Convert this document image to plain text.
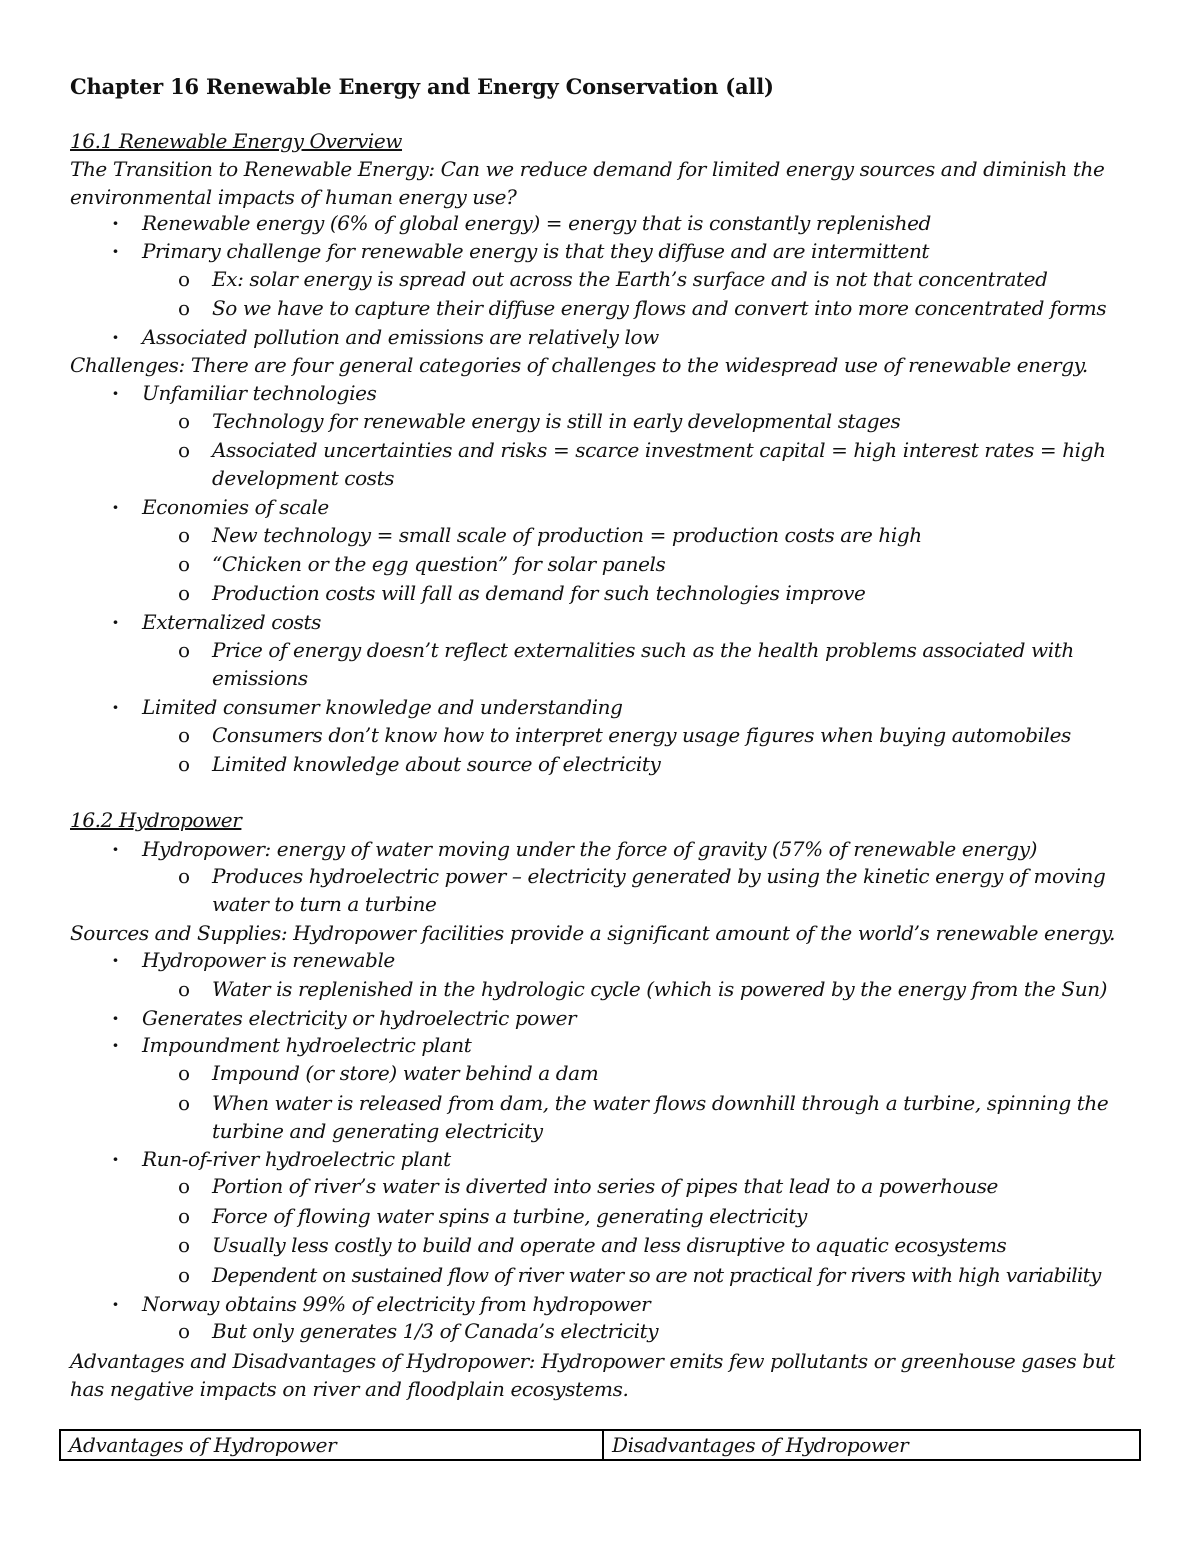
Chapter 16 Renewable Energy and Energy Conservation (all)
16.1 Renewable Energy Overview
The Transition to Renewable Energy: Can we reduce demand for limited energy sources and diminish the
environmental impacts of human energy use?
· Renewable energy (6% of global energy) = energy that is constantly replenished
· Primary challenge for renewable energy is that they diffuse and are intermittent
o Ex: solar energy is spread out across the Earth’s surface and is not that concentrated
o So we have to capture their diffuse energy flows and convert into more concentrated forms
· Associated pollution and emissions are relatively low
Challenges: There are four general categories of challenges to the widespread use of renewable energy.
· Unfamiliar technologies
o Technology for renewable energy is still in early developmental stages
o Associated uncertainties and risks = scarce investment capital = high interest rates = high
development costs
· Economies of scale
o New technology = small scale of production = production costs are high
o “Chicken or the egg question” for solar panels
o Production costs will fall as demand for such technologies improve
· Externalized costs
o Price of energy doesn’t reflect externalities such as the health problems associated with
emissions
· Limited consumer knowledge and understanding
o Consumers don’t know how to interpret energy usage figures when buying automobiles
o Limited knowledge about source of electricity
16.2 Hydropower
· Hydropower: energy of water moving under the force of gravity (57% of renewable energy)
o Produces hydroelectric power – electricity generated by using the kinetic energy of moving
water to turn a turbine
Sources and Supplies: Hydropower facilities provide a significant amount of the world’s renewable energy.
· Hydropower is renewable
o Water is replenished in the hydrologic cycle (which is powered by the energy from the Sun)
· Generates electricity or hydroelectric power
· Impoundment hydroelectric plant
o Impound (or store) water behind a dam
o When water is released from dam, the water flows downhill through a turbine, spinning the
turbine and generating electricity
· Run-of-river hydroelectric plant
o Portion of river’s water is diverted into series of pipes that lead to a powerhouse
o Force of flowing water spins a turbine, generating electricity
o Usually less costly to build and operate and less disruptive to aquatic ecosystems
o Dependent on sustained flow of river water so are not practical for rivers with high variability
· Norway obtains 99% of electricity from hydropower
o But only generates 1/3 of Canada’s electricity
Advantages and Disadvantages of Hydropower: Hydropower emits few pollutants or greenhouse gases but
has negative impacts on river and floodplain ecosystems.
Advantages of Hydropower	Disadvantages of Hydropower
